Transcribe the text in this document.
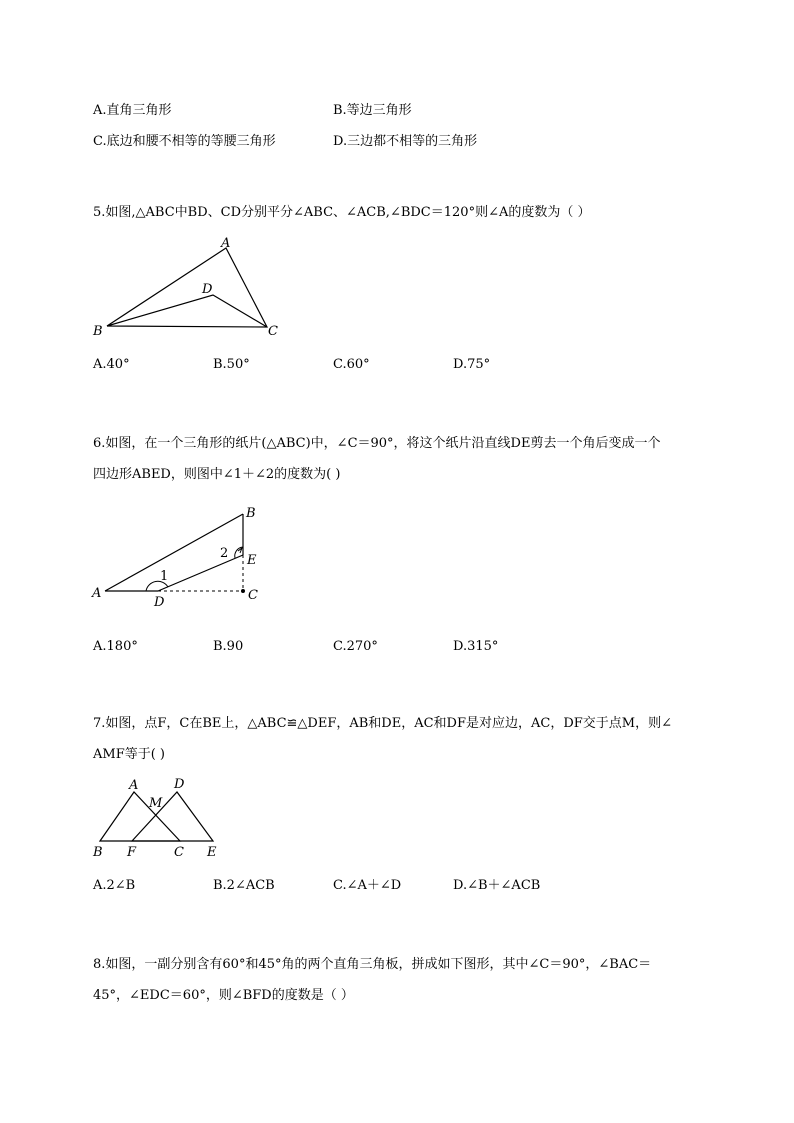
A.直角三角形	B.等边三角形
C.底边和腰不相等的等腰三角形	D.三边都不相等的三角形
5.如图,△ABC中BD、CD分别平分∠ABC、∠ACB,∠BDC＝120°则∠A的度数为（ ）
A
D
B	C
A.40°	B.50°	C.60°	D.75°
6.如图，在一个三角形的纸片(△ABC)中，∠C＝90°，将这个纸片沿直线DE剪去一个角后变成一个
四边形ABED，则图中∠1＋∠2的度数为( )
B
2 E
A
1
D	C
A.180°	B.90	C.270°	D.315°
7.如图，点F，C在BE上，△ABC≌△DEF，AB和DE，AC和DF是对应边，AC，DF交于点M，则∠
AMF等于( )
A	D
M
B F	C E
A.2∠B	B.2∠ACB	C.∠A＋∠D	D.∠B＋∠ACB
8.如图，一副分别含有60°和45°角的两个直角三角板，拼成如下图形，其中∠C＝90°，∠BAC＝
45°，∠EDC＝60°，则∠BFD的度数是（ ）
